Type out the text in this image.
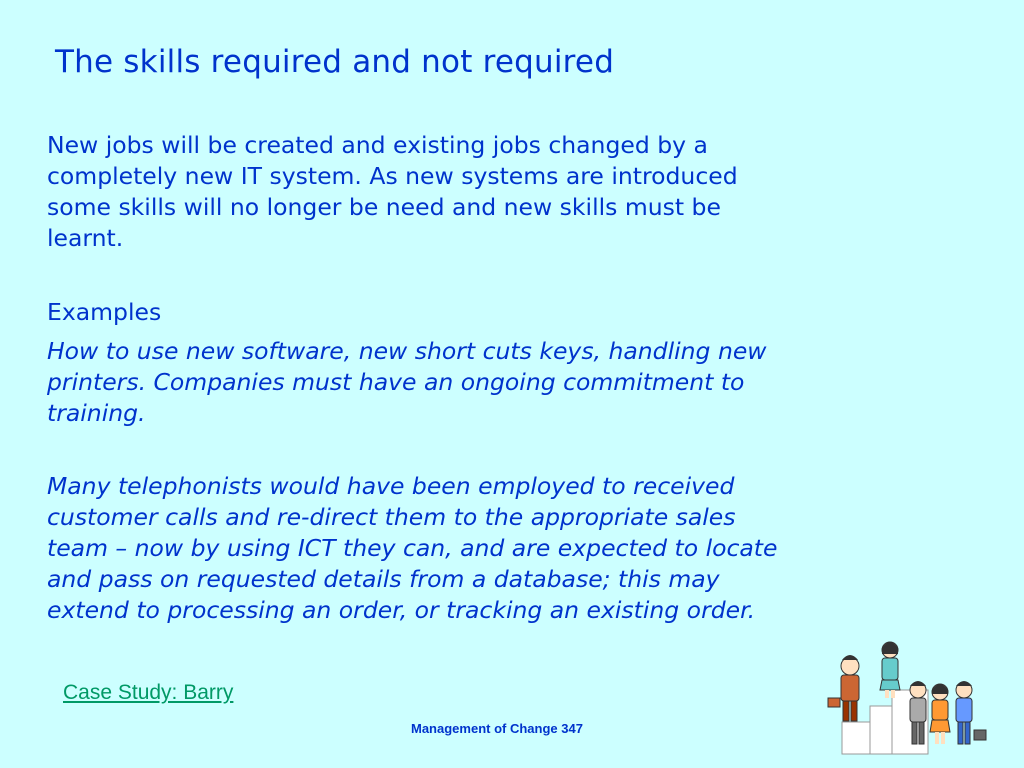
The skills required and not required

New jobs will be created and existing jobs changed by a
completely new IT system. As new systems are introduced
some skills will no longer be need and new skills must be
learnt.

Examples

How to use new software, new short cuts keys, handling new
printers. Companies must have an ongoing commitment to
training.

Many telephonists would have been employed to received
customer calls and re-direct them to the appropriate sales
team – now by using ICT they can, and are expected to locate
and pass on requested details from a database; this may
extend to processing an order, or tracking an existing order.

Case Study: Barry
Management of Change 347
